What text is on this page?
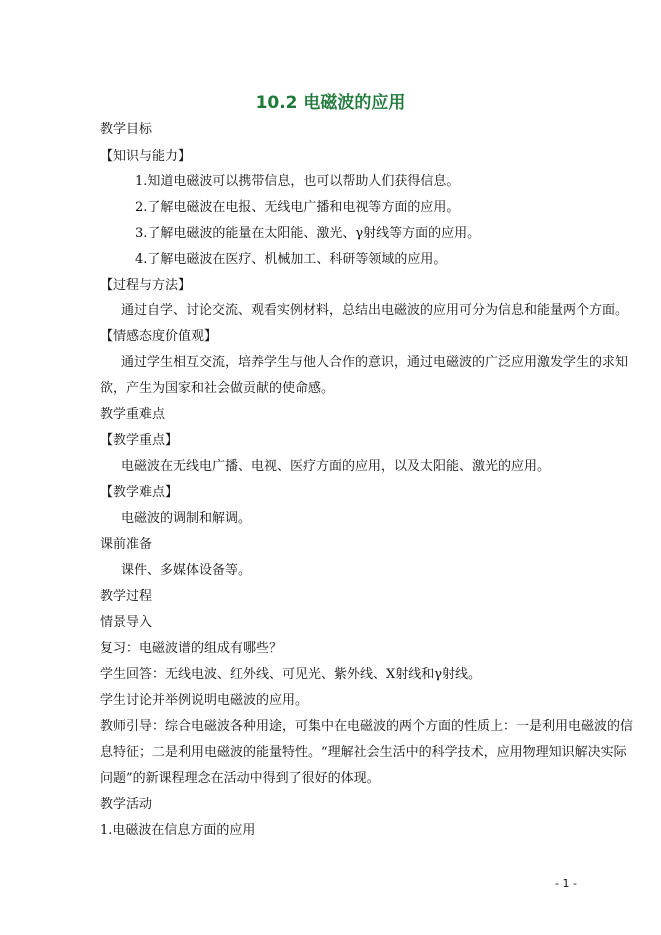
10.2 电磁波的应用
教学目标
【知识与能力】
1.知道电磁波可以携带信息，也可以帮助人们获得信息。
2.了解电磁波在电报、无线电广播和电视等方面的应用。
3.了解电磁波的能量在太阳能、激光、γ射线等方面的应用。
4.了解电磁波在医疗、机械加工、科研等领域的应用。
【过程与方法】
通过自学、讨论交流、观看实例材料，总结出电磁波的应用可分为信息和能量两个方面。
【情感态度价值观】
通过学生相互交流，培养学生与他人合作的意识，通过电磁波的广泛应用激发学生的求知
欲，产生为国家和社会做贡献的使命感。
教学重难点
【教学重点】
电磁波在无线电广播、电视、医疗方面的应用，以及太阳能、激光的应用。
【教学难点】
电磁波的调制和解调。
课前准备
课件、多媒体设备等。
教学过程
情景导入
复习：电磁波谱的组成有哪些？
学生回答：无线电波、红外线、可见光、紫外线、X射线和γ射线。
学生讨论并举例说明电磁波的应用。
教师引导：综合电磁波各种用途，可集中在电磁波的两个方面的性质上：一是利用电磁波的信
息特征；二是利用电磁波的能量特性。“理解社会生活中的科学技术，应用物理知识解决实际
问题”的新课程理念在活动中得到了很好的体现。
教学活动
1.电磁波在信息方面的应用
- 1 -
